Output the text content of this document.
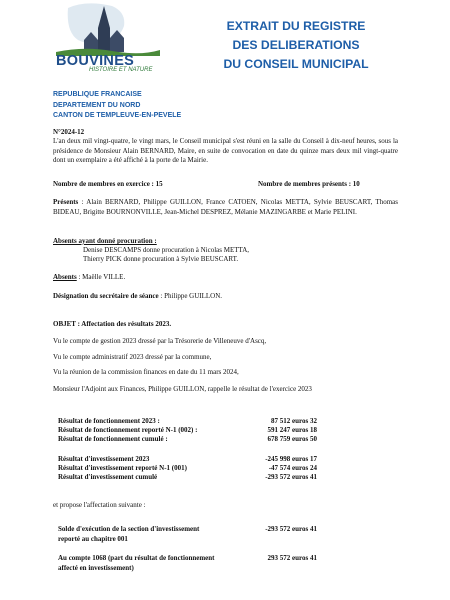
BOUVINES
HISTOIRE ET NATURE
EXTRAIT DU REGISTRE
DES DELIBERATIONS
DU CONSEIL MUNICIPAL
REPUBLIQUE FRANCAISE
DEPARTEMENT DU NORD
CANTON DE TEMPLEUVE-EN-PEVELE
N°2024-12
L'an deux mil vingt-quatre, le vingt mars, le Conseil municipal s'est réuni en la salle du Conseil à dix-neuf heures, sous la présidence de Monsieur Alain BERNARD, Maire, en suite de convocation en date du quinze mars deux mil vingt-quatre dont un exemplaire a été affiché à la porte de la Mairie.
Nombre de membres en exercice : 15	Nombre de membres présents : 10
Présents : Alain BERNARD, Philippe GUILLON, France CATOEN, Nicolas METTA, Sylvie BEUSCART, Thomas BIDEAU, Brigitte BOURNONVILLE, Jean-Michel DESPREZ, Mélanie MAZINGARBE et Marie PELINI.
Absents ayant donné procuration :
Denise DESCAMPS donne procuration à Nicolas METTA,
Thierry PICK donne procuration à Sylvie BEUSCART.
Absents : Maëlle VILLE.
Désignation du secrétaire de séance : Philippe GUILLON.
OBJET : Affectation des résultats 2023.
Vu le compte de gestion 2023 dressé par la Trésorerie de Villeneuve d'Ascq,
Vu le compte administratif 2023 dressé par la commune,
Vu la réunion de la commission finances en date du 11 mars 2024,
Monsieur l'Adjoint aux Finances, Philippe GUILLON, rappelle le résultat de l'exercice 2023
Résultat de fonctionnement 2023 :	87 512 euros 32
Résultat de fonctionnement reporté N-1 (002) :	591 247 euros 18
Résultat de fonctionnement cumulé :	678 759 euros 50
Résultat d'investissement 2023	-245 998 euros 17
Résultat d'investissement reporté N-1 (001)	-47 574 euros 24
Résultat d'investissement cumulé	-293 572 euros 41
et propose l'affectation suivante :
Solde d'exécution de la section d'investissement
reporté au chapitre 001
-293 572 euros 41
Au compte 1068 (part du résultat de fonctionnement
affecté en investissement)
293 572 euros 41
